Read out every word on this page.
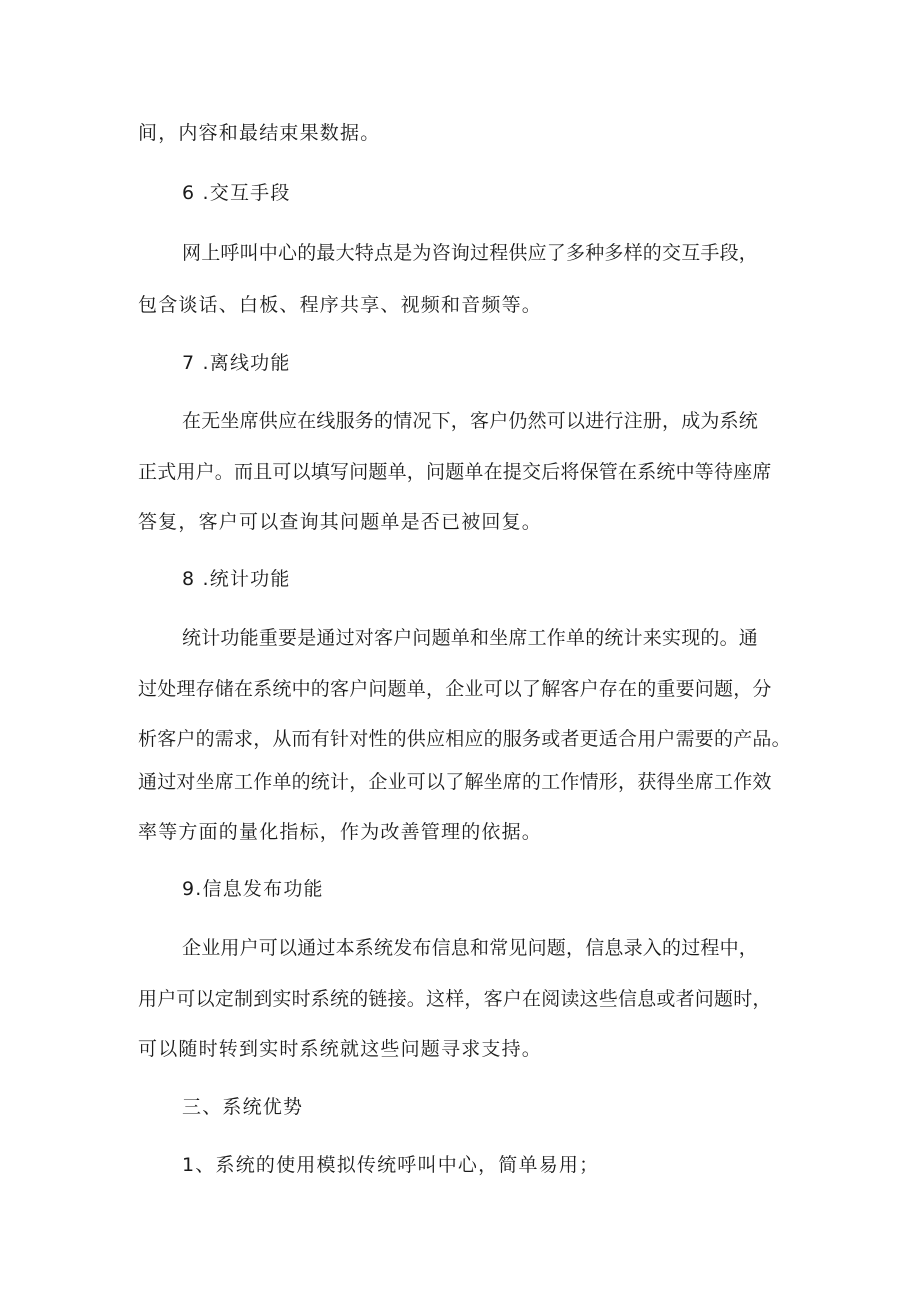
间，内容和最结束果数据。
6 .交互手段
网上呼叫中心的最大特点是为咨询过程供应了多种多样的交互手段，
包含谈话、白板、程序共享、视频和音频等。
7 .离线功能
在无坐席供应在线服务的情况下，客户仍然可以进行注册，成为系统
正式用户。而且可以填写问题单，问题单在提交后将保管在系统中等待座席
答复，客户可以查询其问题单是否已被回复。
8 .统计功能
统计功能重要是通过对客户问题单和坐席工作单的统计来实现的。通
过处理存储在系统中的客户问题单，企业可以了解客户存在的重要问题，分
析客户的需求，从而有针对性的供应相应的服务或者更适合用户需要的产品。
通过对坐席工作单的统计，企业可以了解坐席的工作情形，获得坐席工作效
率等方面的量化指标，作为改善管理的依据。
9.信息发布功能
企业用户可以通过本系统发布信息和常见问题，信息录入的过程中，
用户可以定制到实时系统的链接。这样，客户在阅读这些信息或者问题时，
可以随时转到实时系统就这些问题寻求支持。
三、系统优势
1、系统的使用模拟传统呼叫中心，简单易用；
